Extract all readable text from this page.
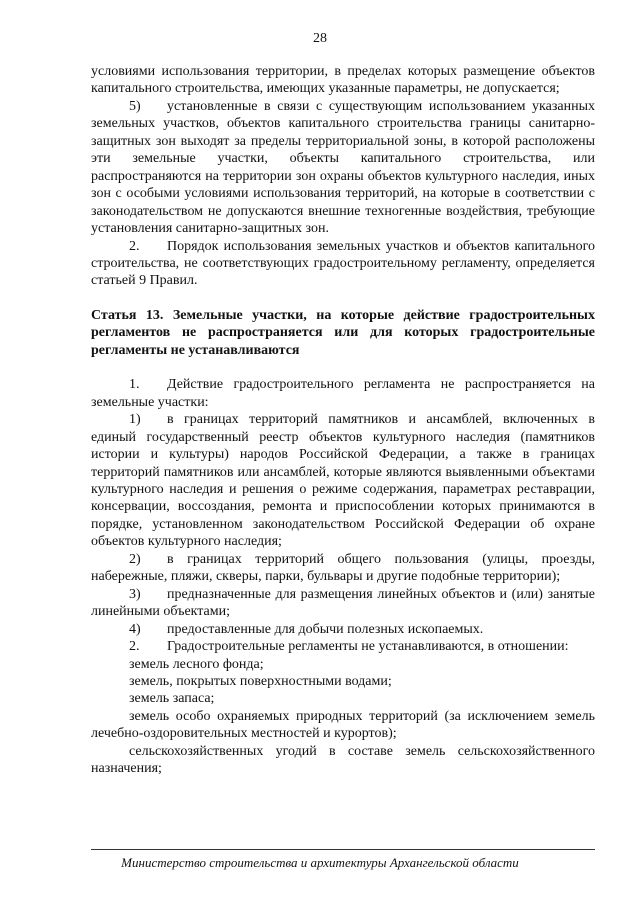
28

условиями использования территории, в пределах которых размещение объектов капитального строительства, имеющих указанные параметры, не допускается;

5) установленные в связи с существующим использованием указанных земельных участков, объектов капитального строительства границы санитарно-защитных зон выходят за пределы территориальной зоны, в которой расположены эти земельные участки, объекты капитального строительства, или распространяются на территории зон охраны объектов культурного наследия, иных зон с особыми условиями использования территорий, на которые в соответствии с законодательством не допускаются внешние техногенные воздействия, требующие установления санитарно-защитных зон.

2. Порядок использования земельных участков и объектов капитального строительства, не соответствующих градостроительному регламенту, определяется статьей 9 Правил.

Статья 13. Земельные участки, на которые действие градостроительных регламентов не распространяется или для которых градостроительные регламенты не устанавливаются

1. Действие градостроительного регламента не распространяется на земельные участки:

1) в границах территорий памятников и ансамблей, включенных в единый государственный реестр объектов культурного наследия (памятников истории и культуры) народов Российской Федерации, а также в границах территорий памятников или ансамблей, которые являются выявленными объектами культурного наследия и решения о режиме содержания, параметрах реставрации, консервации, воссоздания, ремонта и приспособлении которых принимаются в порядке, установленном законодательством Российской Федерации об охране объектов культурного наследия;

2) в границах территорий общего пользования (улицы, проезды, набережные, пляжи, скверы, парки, бульвары и другие подобные территории);

3) предназначенные для размещения линейных объектов и (или) занятые линейными объектами;

4) предоставленные для добычи полезных ископаемых.

2. Градостроительные регламенты не устанавливаются, в отношении:

земель лесного фонда;

земель, покрытых поверхностными водами;

земель запаса;

земель особо охраняемых природных территорий (за исключением земель лечебно-оздоровительных местностей и курортов);

сельскохозяйственных угодий в составе земель сельскохозяйственного назначения;

Министерство строительства и архитектуры Архангельской области
